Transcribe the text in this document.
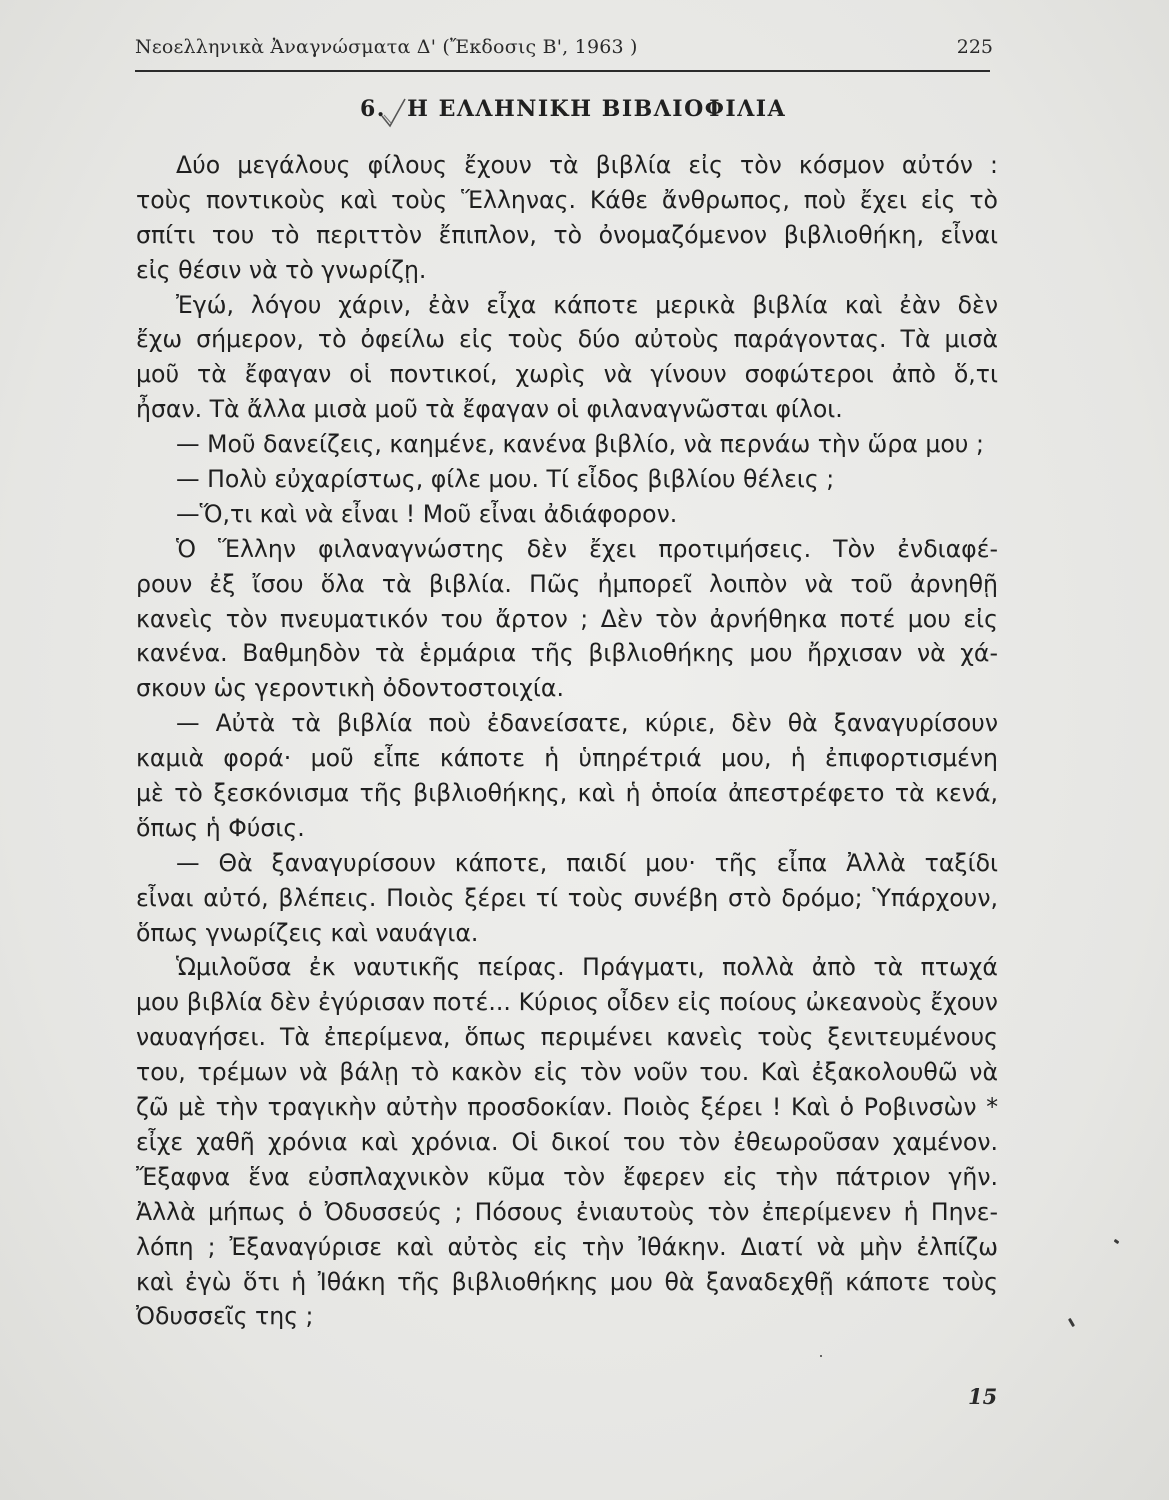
Νεοελληνικὰ Ἀναγνώσματα Δ' (Ἔκδοσις Β', 1963 )	225
6. Η ΕΛΛΗΝΙΚΗ ΒΙΒΛΙΟΦΙΛΙΑ
Δύο μεγάλους φίλους ἔχουν τὰ βιβλία εἰς τὸν κόσμον αὐτόν :
τοὺς ποντικοὺς καὶ τοὺς Ἕλληνας. Κάθε ἄνθρωπος, ποὺ ἔχει εἰς τὸ
σπίτι του τὸ περιττὸν ἔπιπλον, τὸ ὀνομαζόμενον βιβλιοθήκη, εἶναι
εἰς θέσιν νὰ τὸ γνωρίζῃ.
Ἐγώ, λόγου χάριν, ἐὰν εἶχα κάποτε μερικὰ βιβλία καὶ ἐὰν δὲν
ἔχω σήμερον, τὸ ὀφείλω εἰς τοὺς δύο αὐτοὺς παράγοντας. Τὰ μισὰ
μοῦ τὰ ἔφαγαν οἱ ποντικοί, χωρὶς νὰ γίνουν σοφώτεροι ἀπὸ ὅ,τι
ἦσαν. Τὰ ἄλλα μισὰ μοῦ τὰ ἔφαγαν οἱ φιλαναγνῶσται φίλοι.
— Μοῦ δανείζεις, καημένε, κανένα βιβλίο, νὰ περνάω τὴν ὥρα μου ;
— Πολὺ εὐχαρίστως, φίλε μου. Τί εἶδος βιβλίου θέλεις ;
—Ὅ,τι καὶ νὰ εἶναι ! Μοῦ εἶναι ἀδιάφορον.
Ὁ Ἕλλην φιλαναγνώστης δὲν ἔχει προτιμήσεις. Τὸν ἐνδιαφέ-
ρουν ἐξ ἴσου ὅλα τὰ βιβλία. Πῶς ἠμπορεῖ λοιπὸν νὰ τοῦ ἀρνηθῇ
κανεὶς τὸν πνευματικόν του ἄρτον ; Δὲν τὸν ἀρνήθηκα ποτέ μου εἰς
κανένα. Βαθμηδὸν τὰ ἑρμάρια τῆς βιβλιοθήκης μου ἤρχισαν νὰ χά-
σκουν ὡς γεροντικὴ ὀδοντοστοιχία.
— Αὐτὰ τὰ βιβλία ποὺ ἐδανείσατε, κύριε, δὲν θὰ ξαναγυρίσουν
καμιὰ φορά· μοῦ εἶπε κάποτε ἡ ὑπηρέτριά μου, ἡ ἐπιφορτισμένη
μὲ τὸ ξεσκόνισμα τῆς βιβλιοθήκης, καὶ ἡ ὁποία ἀπεστρέφετο τὰ κενά,
ὅπως ἡ Φύσις.
— Θὰ ξαναγυρίσουν κάποτε, παιδί μου· τῆς εἶπα Ἀλλὰ ταξίδι
εἶναι αὐτό, βλέπεις. Ποιὸς ξέρει τί τοὺς συνέβη στὸ δρόμο; Ὑπάρχουν,
ὅπως γνωρίζεις καὶ ναυάγια.
Ὡμιλοῦσα ἐκ ναυτικῆς πείρας. Πράγματι, πολλὰ ἀπὸ τὰ πτωχά
μου βιβλία δὲν ἐγύρισαν ποτέ... Κύριος οἶδεν εἰς ποίους ὠκεανοὺς ἔχουν
ναυαγήσει. Τὰ ἐπερίμενα, ὅπως περιμένει κανεὶς τοὺς ξενιτευμένους
του, τρέμων νὰ βάλῃ τὸ κακὸν εἰς τὸν νοῦν του. Καὶ ἐξακολουθῶ νὰ
ζῶ μὲ τὴν τραγικὴν αὐτὴν προσδοκίαν. Ποιὸς ξέρει ! Καὶ ὁ Ροβινσὼν *
εἶχε χαθῆ χρόνια καὶ χρόνια. Οἱ δικοί του τὸν ἐθεωροῦσαν χαμένον.
Ἔξαφνα ἕνα εὐσπλαχνικὸν κῦμα τὸν ἔφερεν εἰς τὴν πάτριον γῆν.
Ἀλλὰ μήπως ὁ Ὀδυσσεύς ; Πόσους ἐνιαυτοὺς τὸν ἐπερίμενεν ἡ Πηνε-
λόπη ; Ἐξαναγύρισε καὶ αὐτὸς εἰς τὴν Ἰθάκην. Διατί νὰ μὴν ἐλπίζω
καὶ ἐγὼ ὅτι ἡ Ἰθάκη τῆς βιβλιοθήκης μου θὰ ξαναδεχθῇ κάποτε τοὺς
Ὀδυσσεῖς της ;
15
